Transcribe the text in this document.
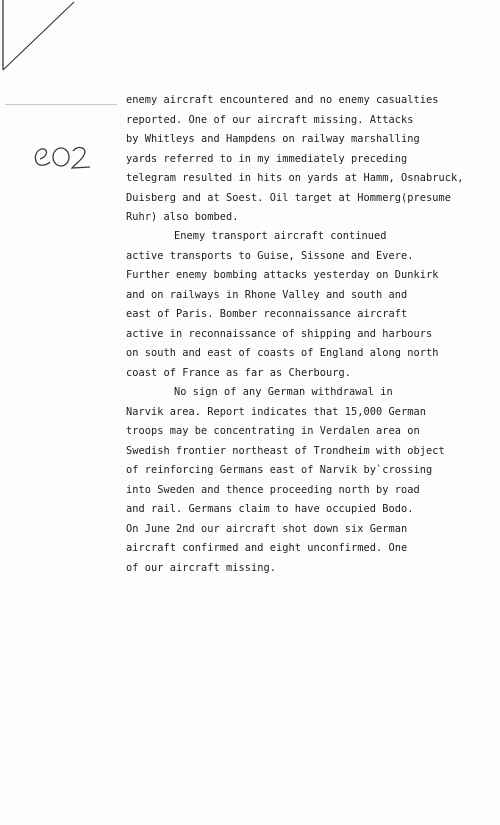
enemy aircraft encountered and no enemy casualties
reported. One of our aircraft missing. Attacks
by Whitleys and Hampdens on railway marshalling
yards referred to in my immediately preceding
telegram resulted in hits on yards at Hamm, Osnabruck,
Duisberg and at Soest. Oil target at Hommerg(presume
Ruhr) also bombed.
Enemy transport aircraft continued
active transports to Guise, Sissone and Evere.
Further enemy bombing attacks yesterday on Dunkirk
and on railways in Rhone Valley and south and
east of Paris. Bomber reconnaissance aircraft
active in reconnaissance of shipping and harbours
on south and east of coasts of England along north
coast of France as far as Cherbourg.
No sign of any German withdrawal in
Narvik area. Report indicates that 15,000 German
troops may be concentrating in Verdalen area on
Swedish frontier northeast of Trondheim with object
of reinforcing Germans east of Narvik by`crossing
into Sweden and thence proceeding north by road
and rail. Germans claim to have occupied Bodo.
On June 2nd our aircraft shot down six German
aircraft confirmed and eight unconfirmed. One
of our aircraft missing.
